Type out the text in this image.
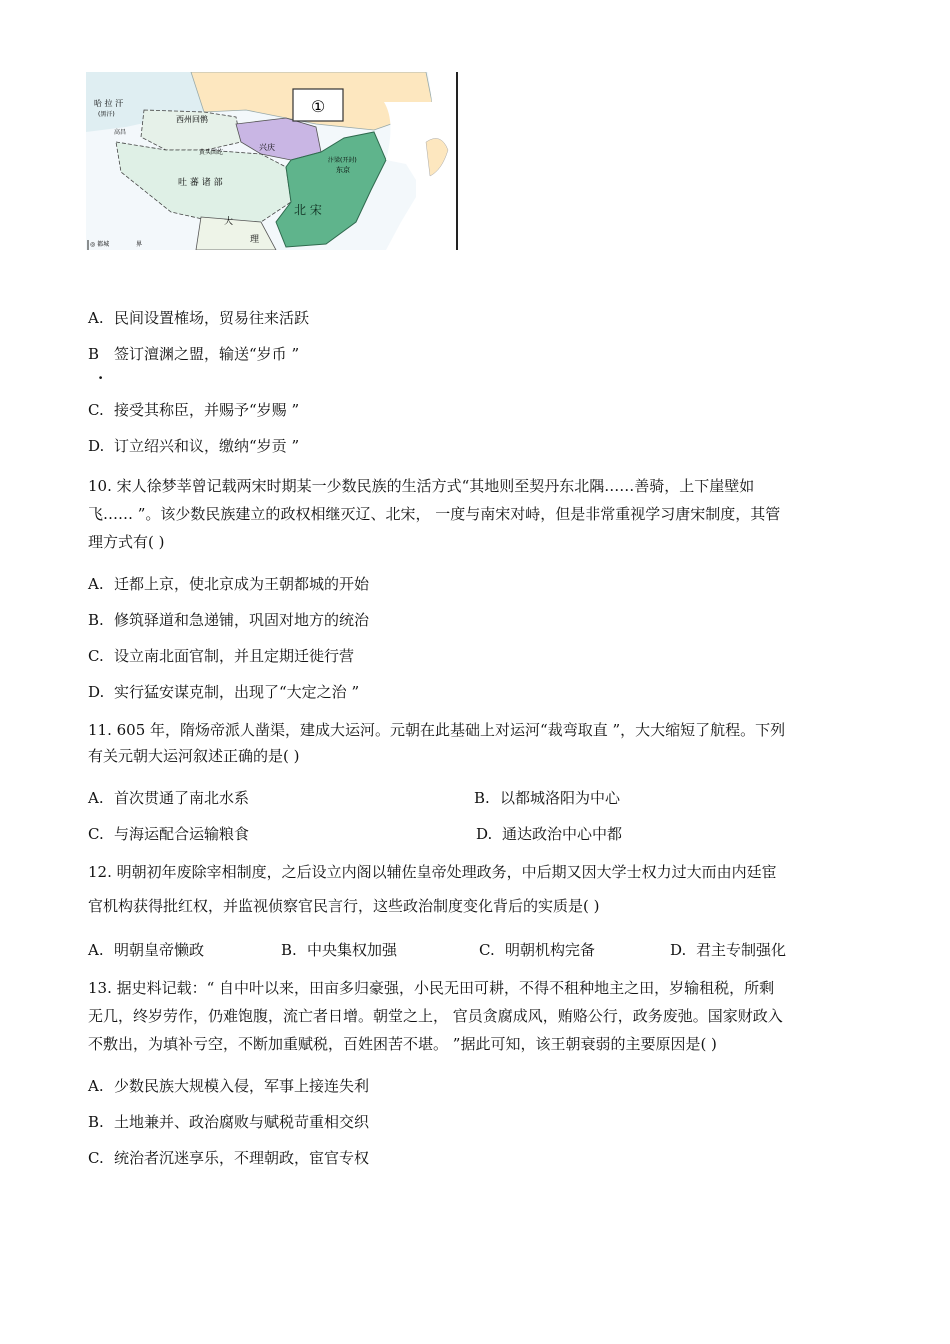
①
哈 拉 汗
(黑汗)
西州回鹘
高昌
黄头回纥
兴庆
吐 蕃 诸 部
北 宋
大
理
汴梁(开封)
东京
◎ 都城	界
A. 民间设置榷场，贸易往来活跃
B 签订澶渊之盟，输送“岁币 ”
.
C. 接受其称臣，并赐予“岁赐 ”
D. 订立绍兴和议，缴纳“岁贡 ”
10. 宋人徐梦莘曾记载两宋时期某一少数民族的生活方式“其地则至契丹东北隅……善骑，上下崖壁如
飞…… ”。该少数民族建立的政权相继灭辽、北宋， 一度与南宋对峙，但是非常重视学习唐宋制度，其管
理方式有( )
A. 迁都上京，使北京成为王朝都城的开始
B. 修筑驿道和急递铺，巩固对地方的统治
C. 设立南北面官制，并且定期迁徙行营
D. 实行猛安谋克制，出现了“大定之治 ”
11. 605 年，隋炀帝派人凿渠，建成大运河。元朝在此基础上对运河“裁弯取直 ”，大大缩短了航程。下列
有关元朝大运河叙述正确的是( )
A. 首次贯通了南北水系	B. 以都城洛阳为中心
C. 与海运配合运输粮食	D. 通达政治中心中都
12. 明朝初年废除宰相制度，之后设立内阁以辅佐皇帝处理政务，中后期又因大学士权力过大而由内廷宦
官机构获得批红权，并监视侦察官民言行，这些政治制度变化背后的实质是( )
A. 明朝皇帝懒政	B. 中央集权加强	C. 明朝机构完备	D. 君主专制强化
13. 据史料记载：“ 自中叶以来，田亩多归豪强，小民无田可耕，不得不租种地主之田，岁输租税，所剩
无几，终岁劳作，仍难饱腹，流亡者日增。朝堂之上， 官员贪腐成风，贿赂公行，政务废弛。国家财政入
不敷出，为填补亏空，不断加重赋税，百姓困苦不堪。 ”据此可知，该王朝衰弱的主要原因是( )
A. 少数民族大规模入侵，军事上接连失利
B. 土地兼并、政治腐败与赋税苛重相交织
C. 统治者沉迷享乐，不理朝政，宦官专权
